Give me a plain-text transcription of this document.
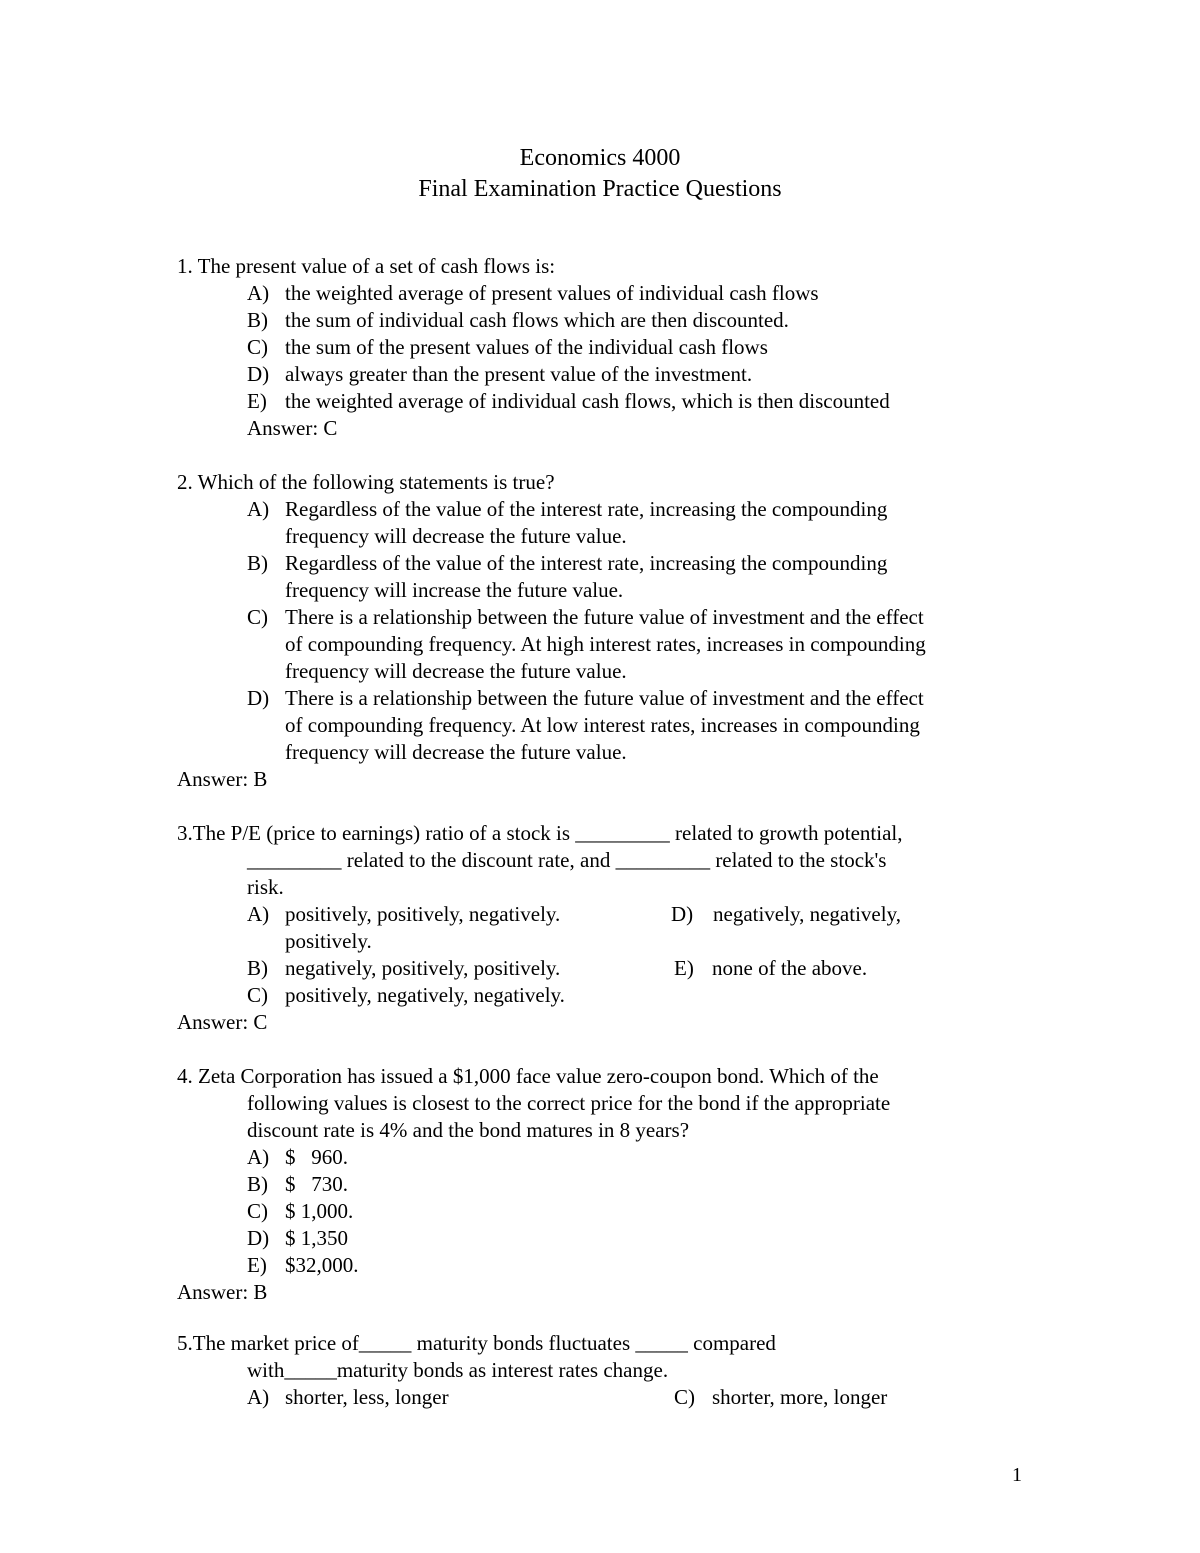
Economics 4000
Final Examination Practice Questions
1. The present value of a set of cash flows is:
A) the weighted average of present values of individual cash flows
B) the sum of individual cash flows which are then discounted.
C) the sum of the present values of the individual cash flows
D) always greater than the present value of the investment.
E) the weighted average of individual cash flows, which is then discounted
Answer: C
2. Which of the following statements is true?
A) Regardless of the value of the interest rate, increasing the compounding
frequency will decrease the future value.
B) Regardless of the value of the interest rate, increasing the compounding
frequency will increase the future value.
C) There is a relationship between the future value of investment and the effect
of compounding frequency. At high interest rates, increases in compounding
frequency will decrease the future value.
D) There is a relationship between the future value of investment and the effect
of compounding frequency. At low interest rates, increases in compounding
frequency will decrease the future value.
Answer: B
3.The P/E (price to earnings) ratio of a stock is _________ related to growth potential,
_________ related to the discount rate, and _________ related to the stock's
risk.
A) positively, positively, negatively.	D) negatively, negatively,
positively.
B) negatively, positively, positively.	E) none of the above.
C) positively, negatively, negatively.
Answer: C
4. Zeta Corporation has issued a $1,000 face value zero-coupon bond. Which of the
following values is closest to the correct price for the bond if the appropriate
discount rate is 4% and the bond matures in 8 years?
A) $   960.
B) $   730.
C) $ 1,000.
D) $ 1,350
E) $32,000.
Answer: B
5.The market price of_____ maturity bonds fluctuates _____ compared
with_____maturity bonds as interest rates change.
A) shorter, less, longer	C) shorter, more, longer
1
